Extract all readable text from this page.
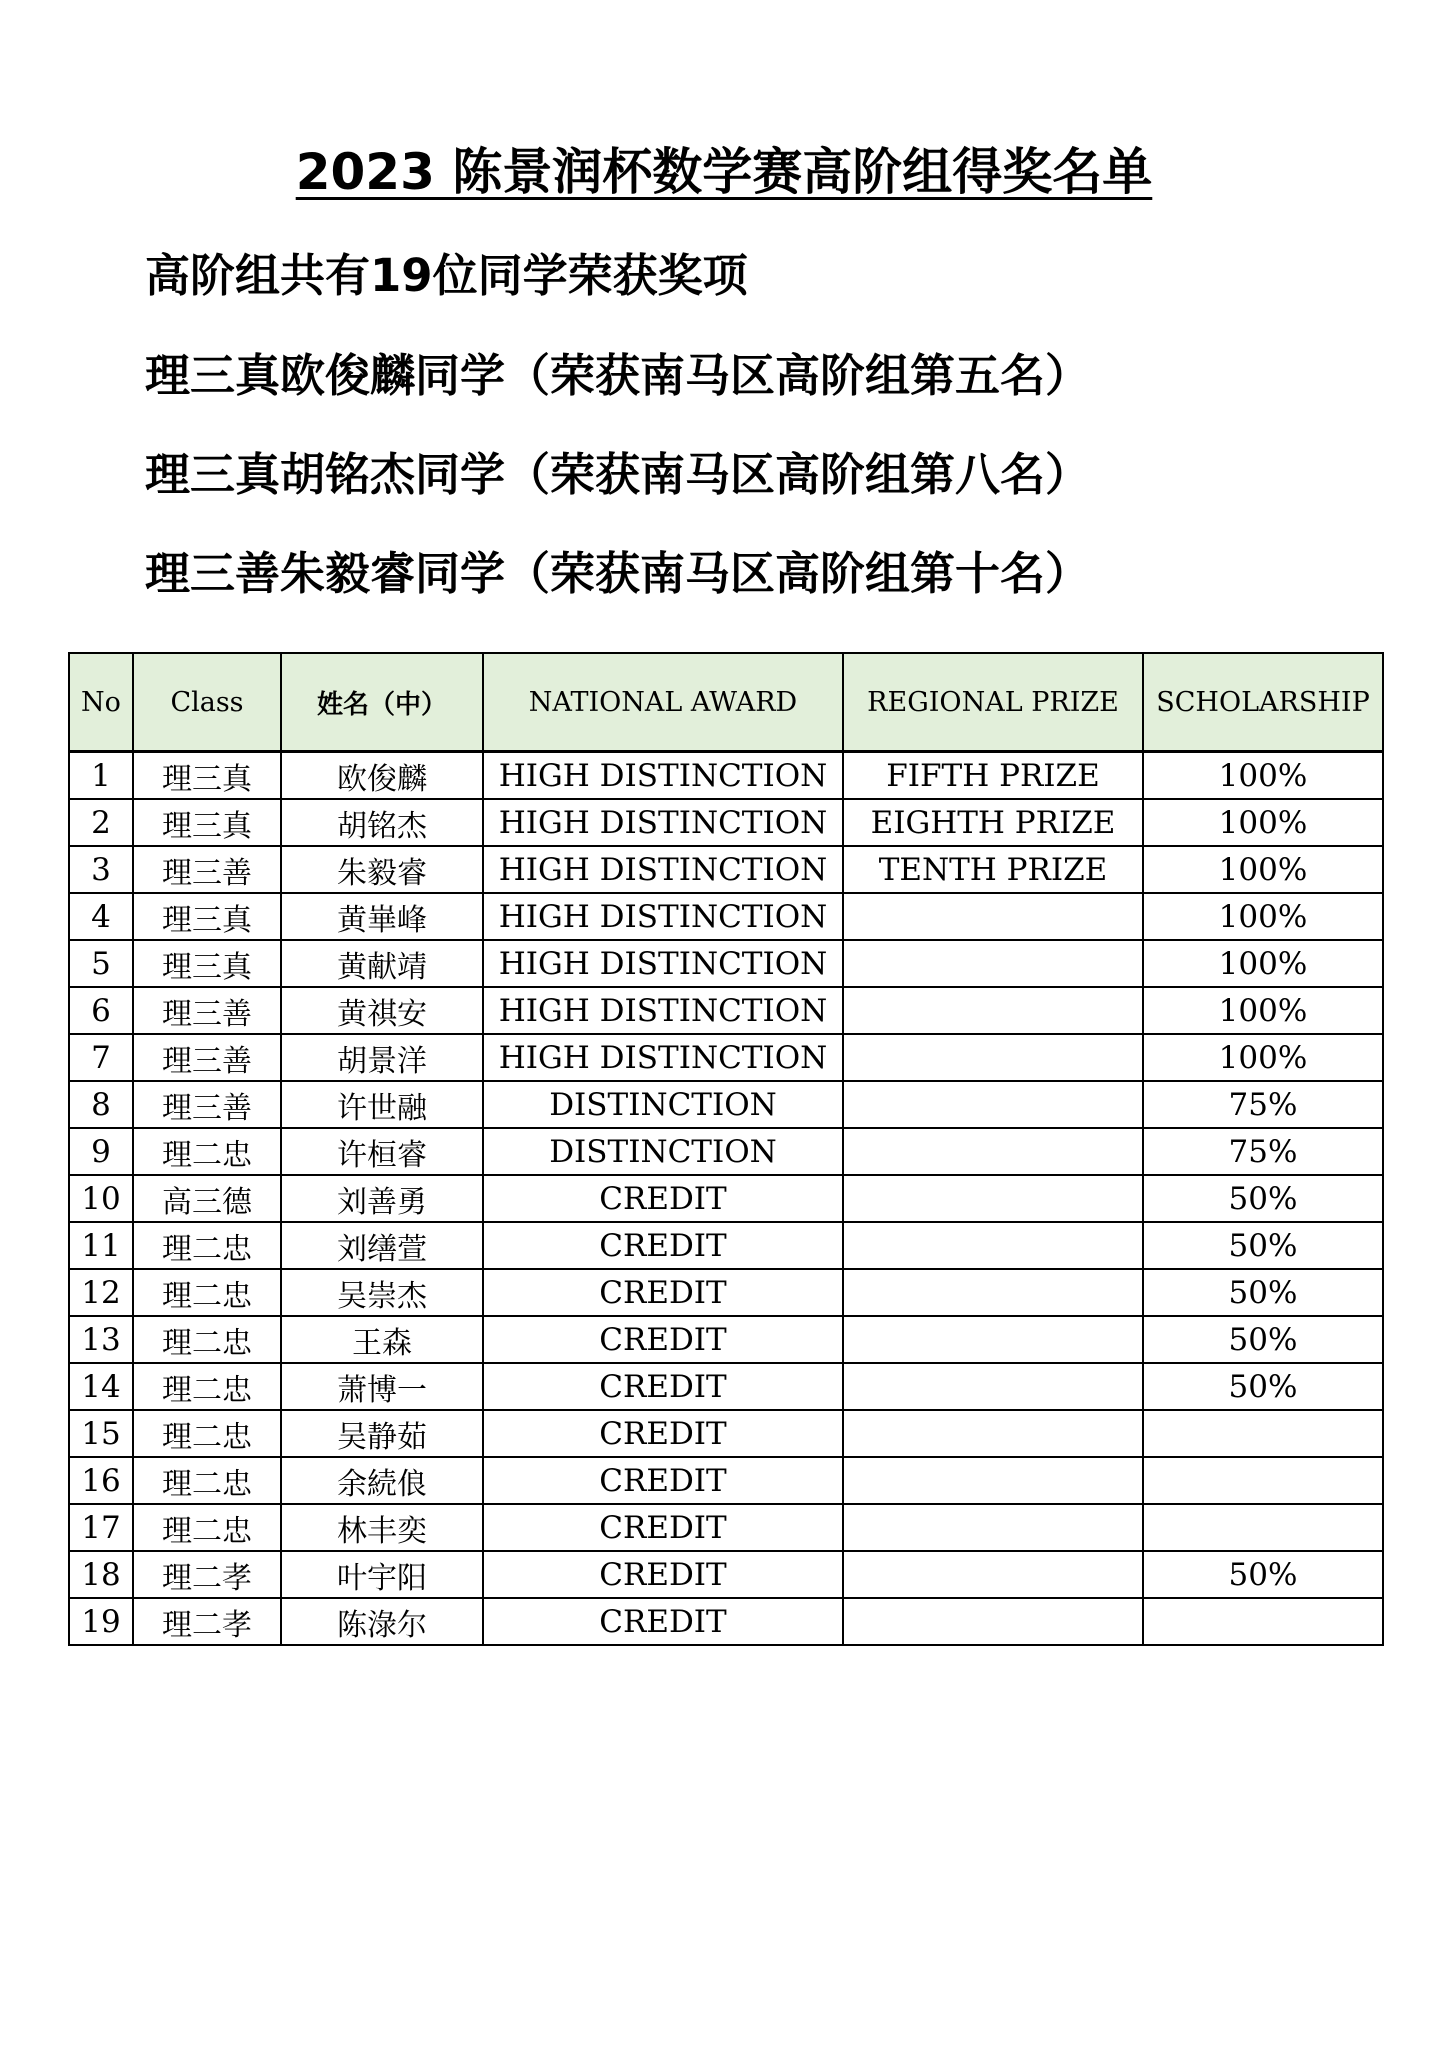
2023 陈景润杯数学赛高阶组得奖名单
高阶组共有19位同学荣获奖项
理三真欧俊麟同学（荣获南马区高阶组第五名）
理三真胡铭杰同学（荣获南马区高阶组第八名）
理三善朱毅睿同学（荣获南马区高阶组第十名）
No	Class	姓名（中）	NATIONAL AWARD	REGIONAL PRIZE	SCHOLARSHIP
1	理三真	欧俊麟	HIGH DISTINCTION	FIFTH PRIZE	100%
2	理三真	胡铭杰	HIGH DISTINCTION	EIGHTH PRIZE	100%
3	理三善	朱毅睿	HIGH DISTINCTION	TENTH PRIZE	100%
4	理三真	黄崋峰	HIGH DISTINCTION		100%
5	理三真	黄献靖	HIGH DISTINCTION		100%
6	理三善	黄祺安	HIGH DISTINCTION		100%
7	理三善	胡景洋	HIGH DISTINCTION		100%
8	理三善	许世融	DISTINCTION		75%
9	理二忠	许桓睿	DISTINCTION		75%
10	高三德	刘善勇	CREDIT		50%
11	理二忠	刘缮萱	CREDIT		50%
12	理二忠	吴崇杰	CREDIT		50%
13	理二忠	王森	CREDIT		50%
14	理二忠	萧博一	CREDIT		50%
15	理二忠	吴静茹	CREDIT		
16	理二忠	余続俍	CREDIT		
17	理二忠	林丰奕	CREDIT		
18	理二孝	叶宇阳	CREDIT		50%
19	理二孝	陈淥尔	CREDIT		
